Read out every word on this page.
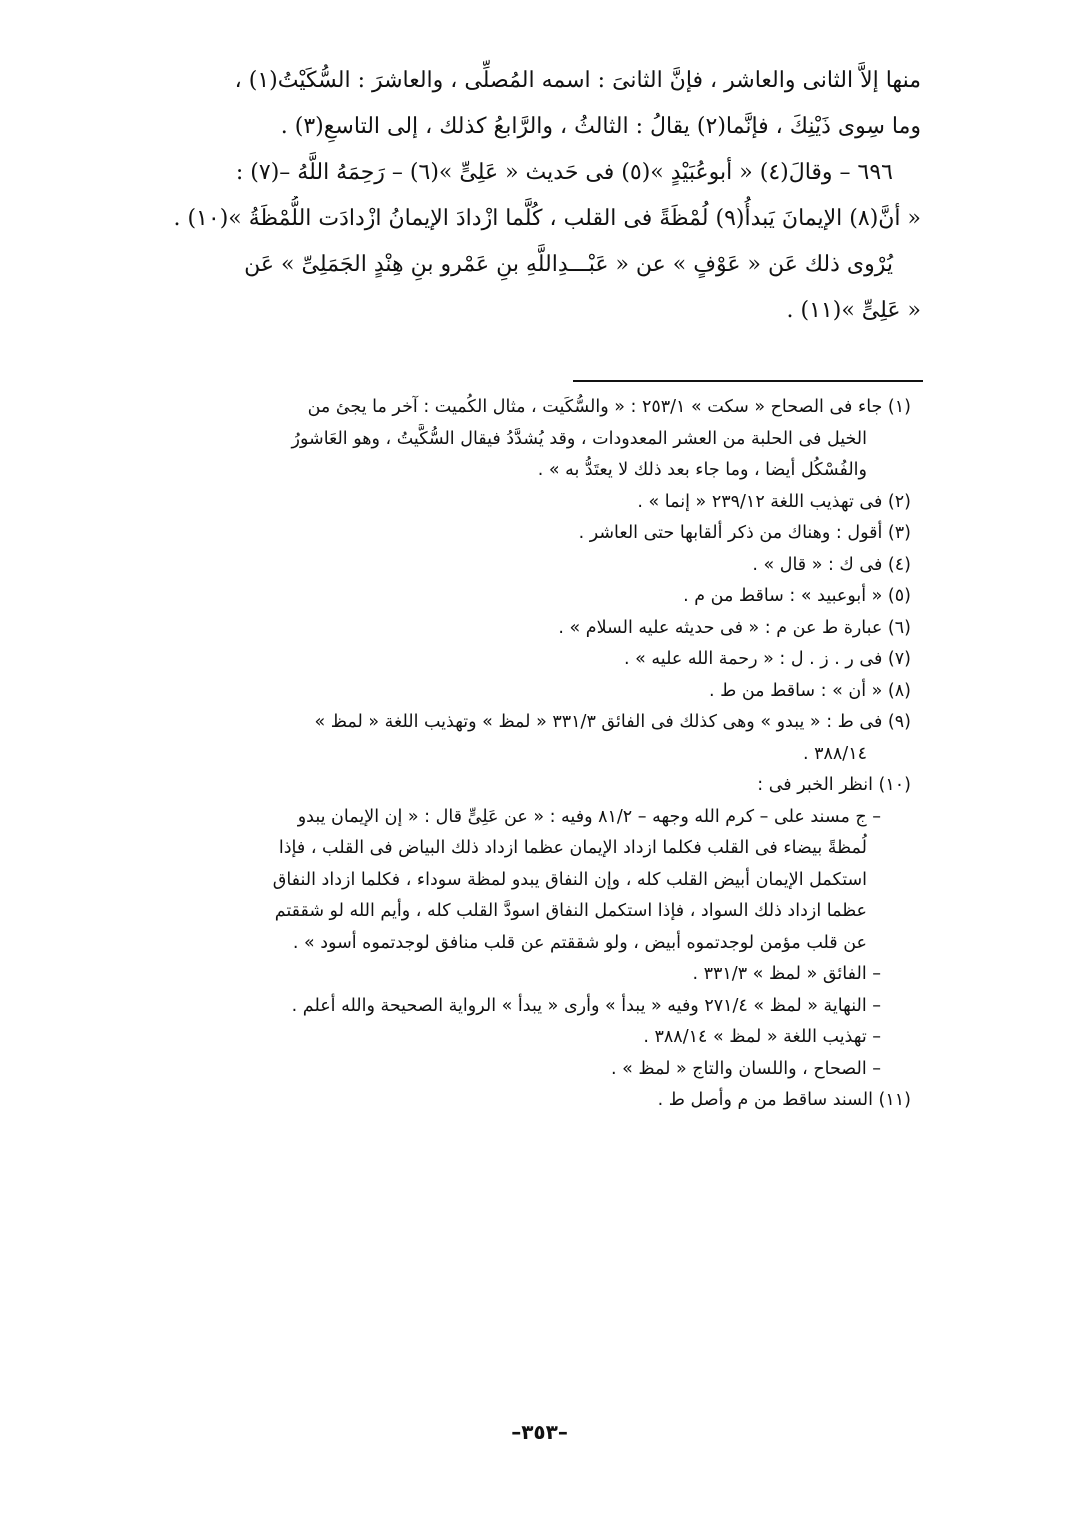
منها إلاَّ الثانى والعاشر ، فإنَّ الثانىَ : اسمه المُصلِّى ، والعاشرَ : السُّكَيْتُ(١) ،

وما سِوى ذَيْنِكَ ، فإنَّما(٢) يقالُ : الثالثُ ، والرَّابعُ كذلك ، إلى التاسعِ(٣) .

٦٩٦ – وقالَ(٤) « أبوعُبَيْدٍ »(٥) فى حَديث « عَلِىٍّ »(٦) – رَحِمَهُ اللَّهُ –(٧) :

« أنَّ(٨) الإيمانَ يَبدأُ(٩) لُمْظَةً فى القلب ، كُلَّما ازْدادَ الإيمانُ ازْدادَت اللُّمْظَةُ »(١٠) .

يُرْوى ذلك عَن « عَوْفٍ » عن « عَبْـــدِاللَّهِ بنِ عَمْرو بنِ هِنْدٍ الجَمَلِىِّ » عَن

« عَلِىٍّ »(١١) .

(١) جاء فى الصحاح « سكت » ٢٥٣/١ : « والسُّكَيت ، مثال الكُميت : آخر ما يجئ من

الخيل فى الحلبة من العشر المعدودات ، وقد يُشدَّدُ فيقال السُّكَّيتُ ، وهو العَاشورُ

والفُسْكُل أيضا ، وما جاء بعد ذلك لا يعتَدُّ به » .

(٢) فى تهذيب اللغة ٢٣٩/١٢ « إنما » .

(٣) أقول : وهناك من ذكر ألقابها حتى العاشر .

(٤) فى ك : « قال » .

(٥) « أبوعبيد » : ساقط من م .

(٦) عبارة ط عن م : « فى حديثه عليه السلام » .

(٧) فى ر . ز . ل : « رحمة الله عليه » .

(٨) « أن » : ساقط من ط .

(٩) فى ط : « يبدو » وهى كذلك فى الفائق ٣٣١/٣ « لمظ » وتهذيب اللغة « لمظ »

٣٨٨/١٤ .

(١٠) انظر الخبر فى :

– ج مسند على – كرم الله وجهه – ٨١/٢ وفيه : « عن عَلِىٍّ قال : « إن الإيمان يبدو

لُمظةً بيضاء فى القلب فكلما ازداد الإيمان عظما ازداد ذلك البياض فى القلب ، فإذا

استكمل الإيمان أبيض القلب كله ، وإن النفاق يبدو لمظة سوداء ، فكلما ازداد النفاق

عظما ازداد ذلك السواد ، فإذا استكمل النفاق اسودَّ القلب كله ، وأيم الله لو شققتم

عن قلب مؤمن لوجدتموه أبيض ، ولو شققتم عن قلب منافق لوجدتموه أسود » .

– الفائق « لمظ » ٣٣١/٣ .

– النهاية « لمظ » ٢٧١/٤ وفيه « يبدأ » وأرى « يبدأ » الرواية الصحيحة والله أعلم .

– تهذيب اللغة « لمظ » ٣٨٨/١٤ .

– الصحاح ، واللسان والتاج « لمظ » .

(١١) السند ساقط من م وأصل ط .

–٣٥٣–
